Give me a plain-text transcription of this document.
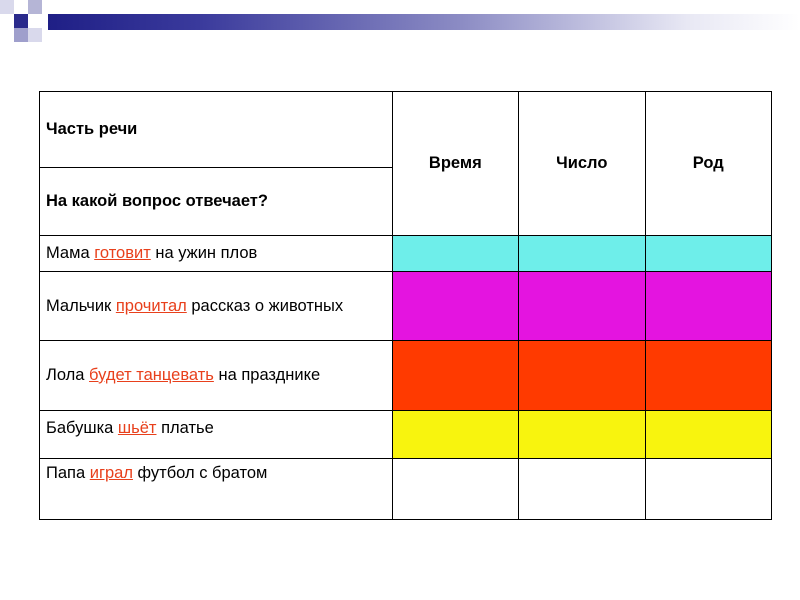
Часть речи	Время	Число	Род
На какой вопрос отвечает?			
Мама готовит на ужин плов			
Мальчик прочитал рассказ о животных			
Лола будет танцевать на празднике			
Бабушка шьёт платье			
Папа играл футбол с братом			
